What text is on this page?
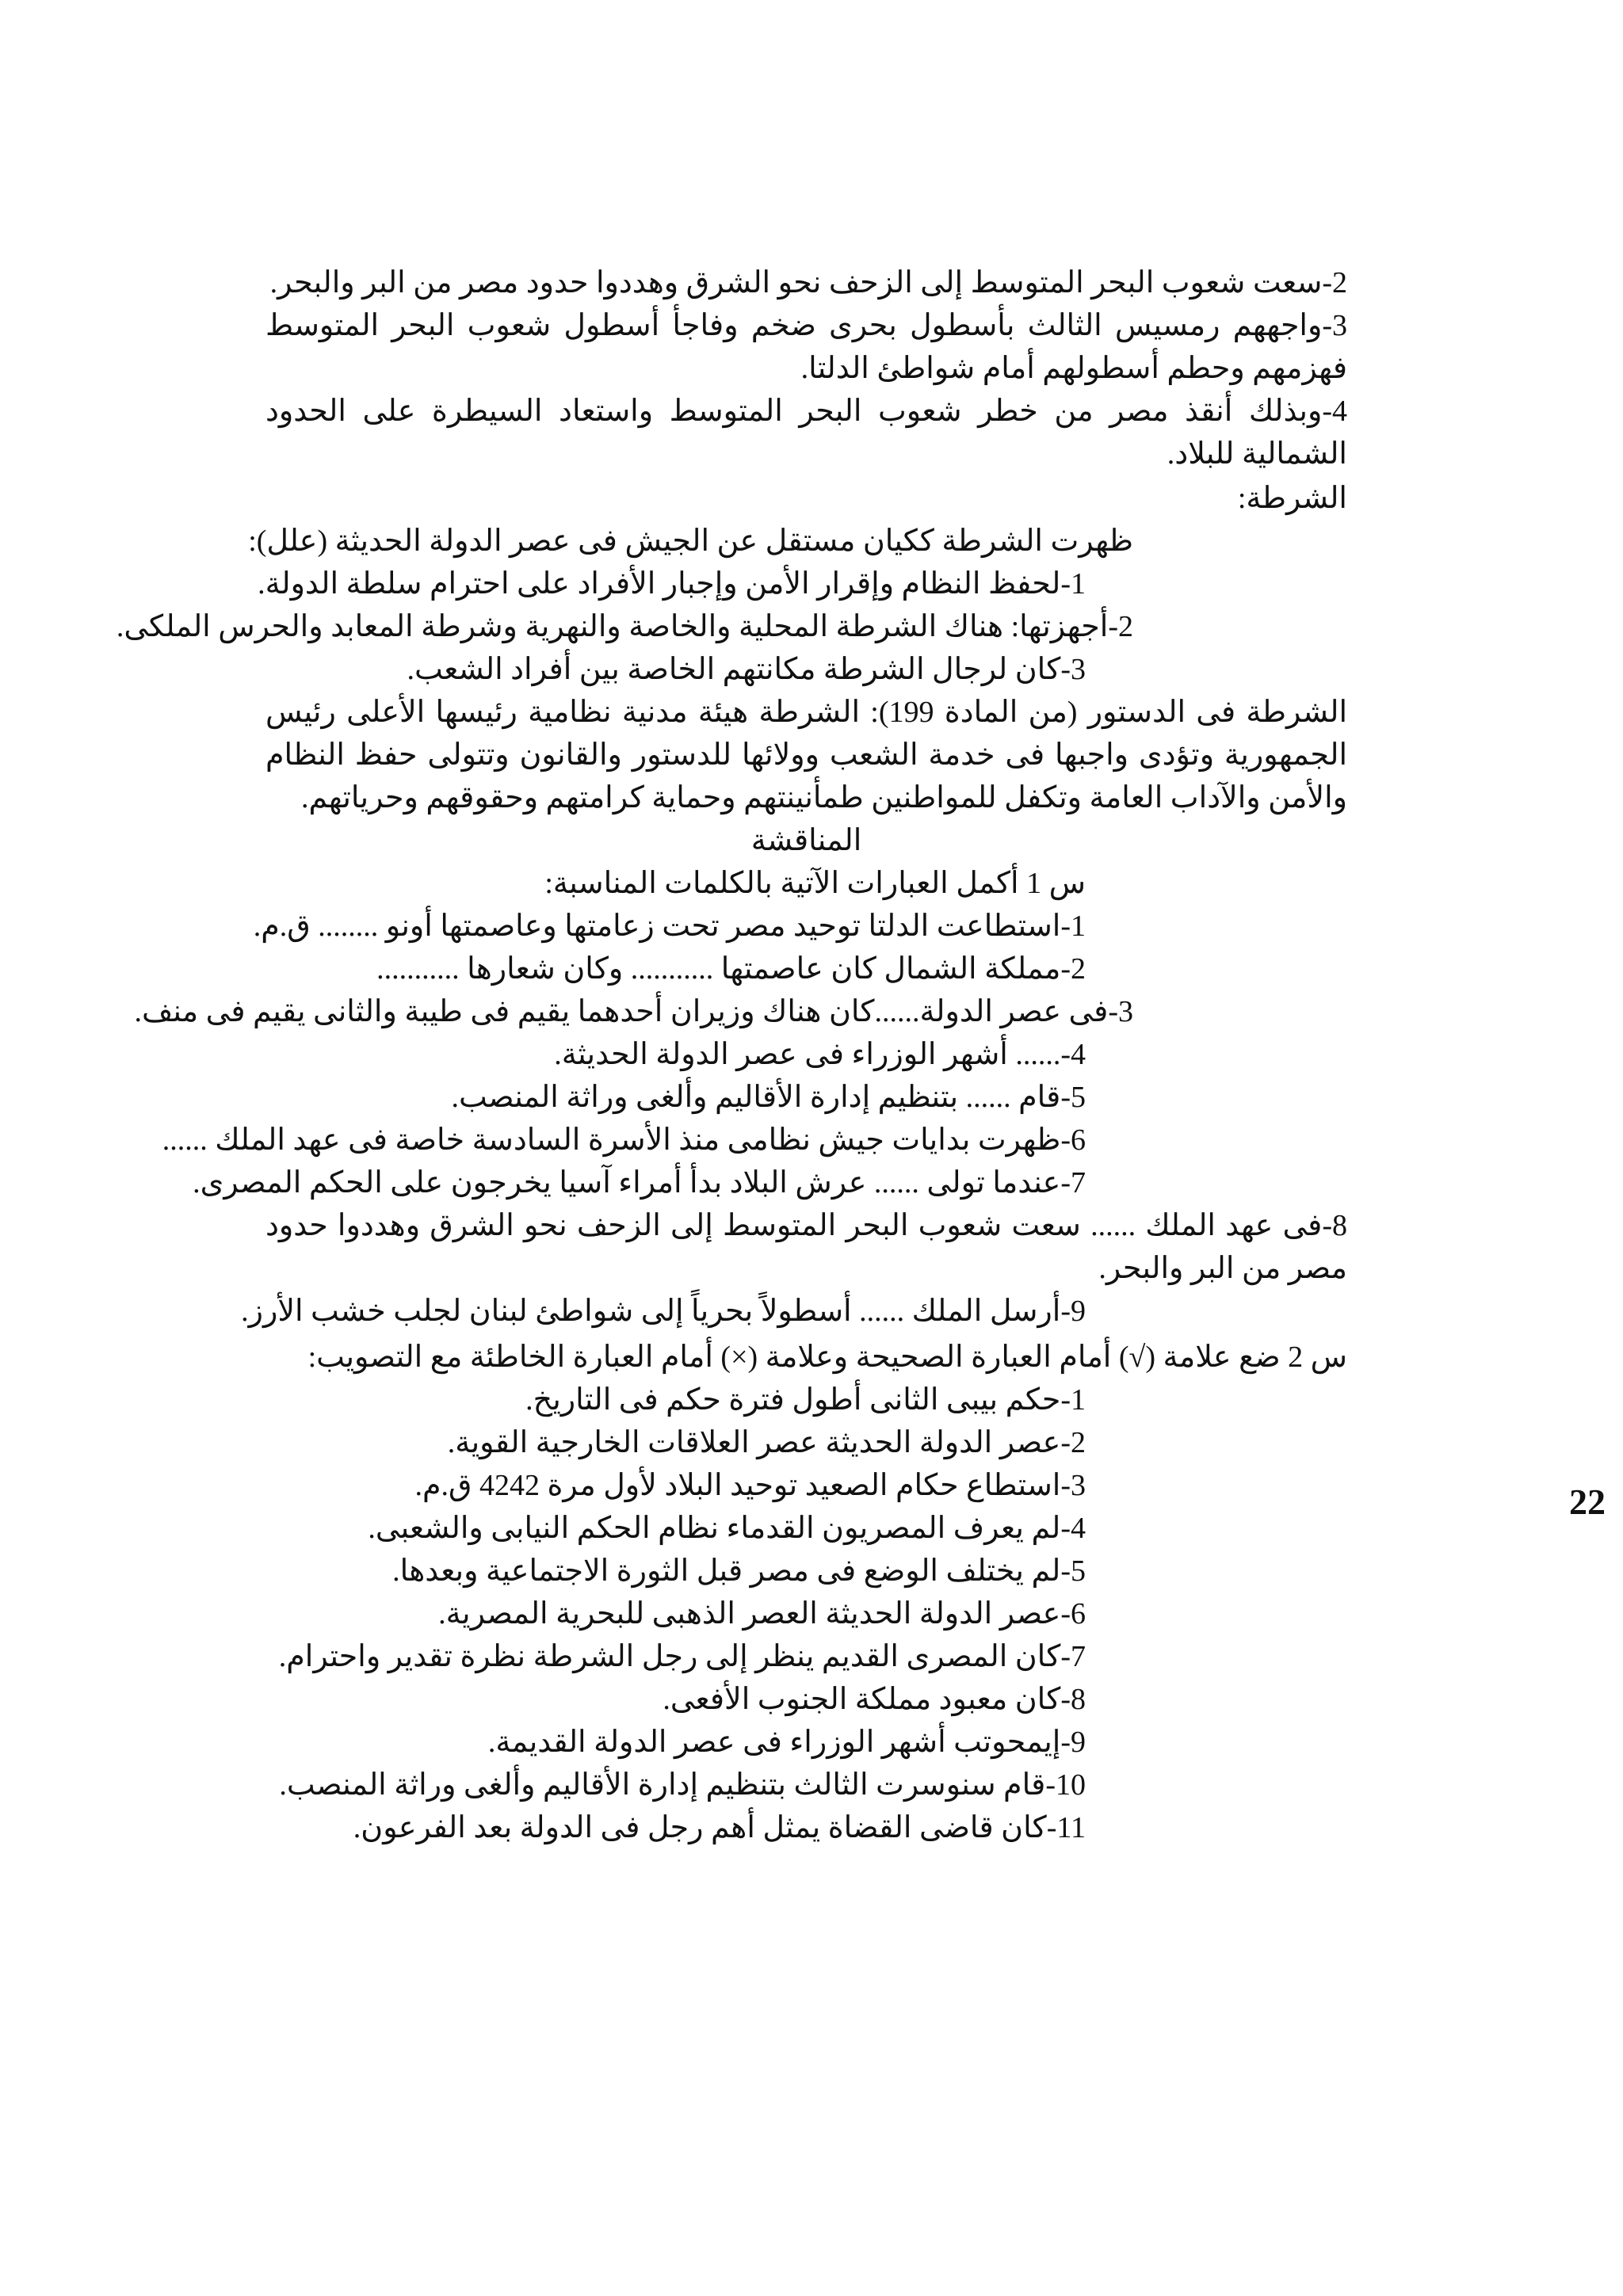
2-سعت شعوب البحر المتوسط إلى الزحف نحو الشرق وهددوا حدود مصر من البر والبحر.
3-واجههم رمسيس الثالث بأسطول بحرى ضخم وفاجأ أسطول شعوب البحر المتوسط فهزمهم وحطم أسطولهم أمام شواطئ الدلتا.
4-وبذلك أنقذ مصر من خطر شعوب البحر المتوسط واستعاد السيطرة على الحدود الشمالية للبلاد.
الشرطة:
ظهرت الشرطة ككيان مستقل عن الجيش فى عصر الدولة الحديثة (علل):
1-لحفظ النظام وإقرار الأمن وإجبار الأفراد على احترام سلطة الدولة.
2-أجهزتها: هناك الشرطة المحلية والخاصة والنهرية وشرطة المعابد والحرس الملكى.
3-كان لرجال الشرطة مكانتهم الخاصة بين أفراد الشعب.
الشرطة فى الدستور (من المادة 199): الشرطة هيئة مدنية نظامية رئيسها الأعلى رئيس الجمهورية وتؤدى واجبها فى خدمة الشعب وولائها للدستور والقانون وتتولى حفظ النظام والأمن والآداب العامة وتكفل للمواطنين طمأنينتهم وحماية كرامتهم وحقوقهم وحرياتهم.
المناقشة
س 1 أكمل العبارات الآتية بالكلمات المناسبة:
1-استطاعت الدلتا توحيد مصر تحت زعامتها وعاصمتها أونو ........ ق.م.
2-مملكة الشمال كان عاصمتها ........... وكان شعارها ...........
3-فى عصر الدولة......كان هناك وزيران أحدهما يقيم فى طيبة والثانى يقيم فى منف.
4-...... أشهر الوزراء فى عصر الدولة الحديثة.
5-قام ...... بتنظيم إدارة الأقاليم وألغى وراثة المنصب.
6-ظهرت بدايات جيش نظامى منذ الأسرة السادسة خاصة فى عهد الملك ......
7-عندما تولى ...... عرش البلاد بدأ أمراء آسيا يخرجون على الحكم المصرى.
8-فى عهد الملك ...... سعت شعوب البحر المتوسط إلى الزحف نحو الشرق وهددوا حدود مصر من البر والبحر.
9-أرسل الملك ...... أسطولاً بحرياً إلى شواطئ لبنان لجلب خشب الأرز.
س 2 ضع علامة (√) أمام العبارة الصحيحة وعلامة (×) أمام العبارة الخاطئة مع التصويب:
1-حكم بيبى الثانى أطول فترة حكم فى التاريخ.
2-عصر الدولة الحديثة عصر العلاقات الخارجية القوية.
3-استطاع حكام الصعيد توحيد البلاد لأول مرة 4242 ق.م.
4-لم يعرف المصريون القدماء نظام الحكم النيابى والشعبى.
5-لم يختلف الوضع فى مصر قبل الثورة الاجتماعية وبعدها.
6-عصر الدولة الحديثة العصر الذهبى للبحرية المصرية.
7-كان المصرى القديم ينظر إلى رجل الشرطة نظرة تقدير واحترام.
8-كان معبود مملكة الجنوب الأفعى.
9-إيمحوتب أشهر الوزراء فى عصر الدولة القديمة.
10-قام سنوسرت الثالث بتنظيم إدارة الأقاليم وألغى وراثة المنصب.
11-كان قاضى القضاة يمثل أهم رجل فى الدولة بعد الفرعون.
22
